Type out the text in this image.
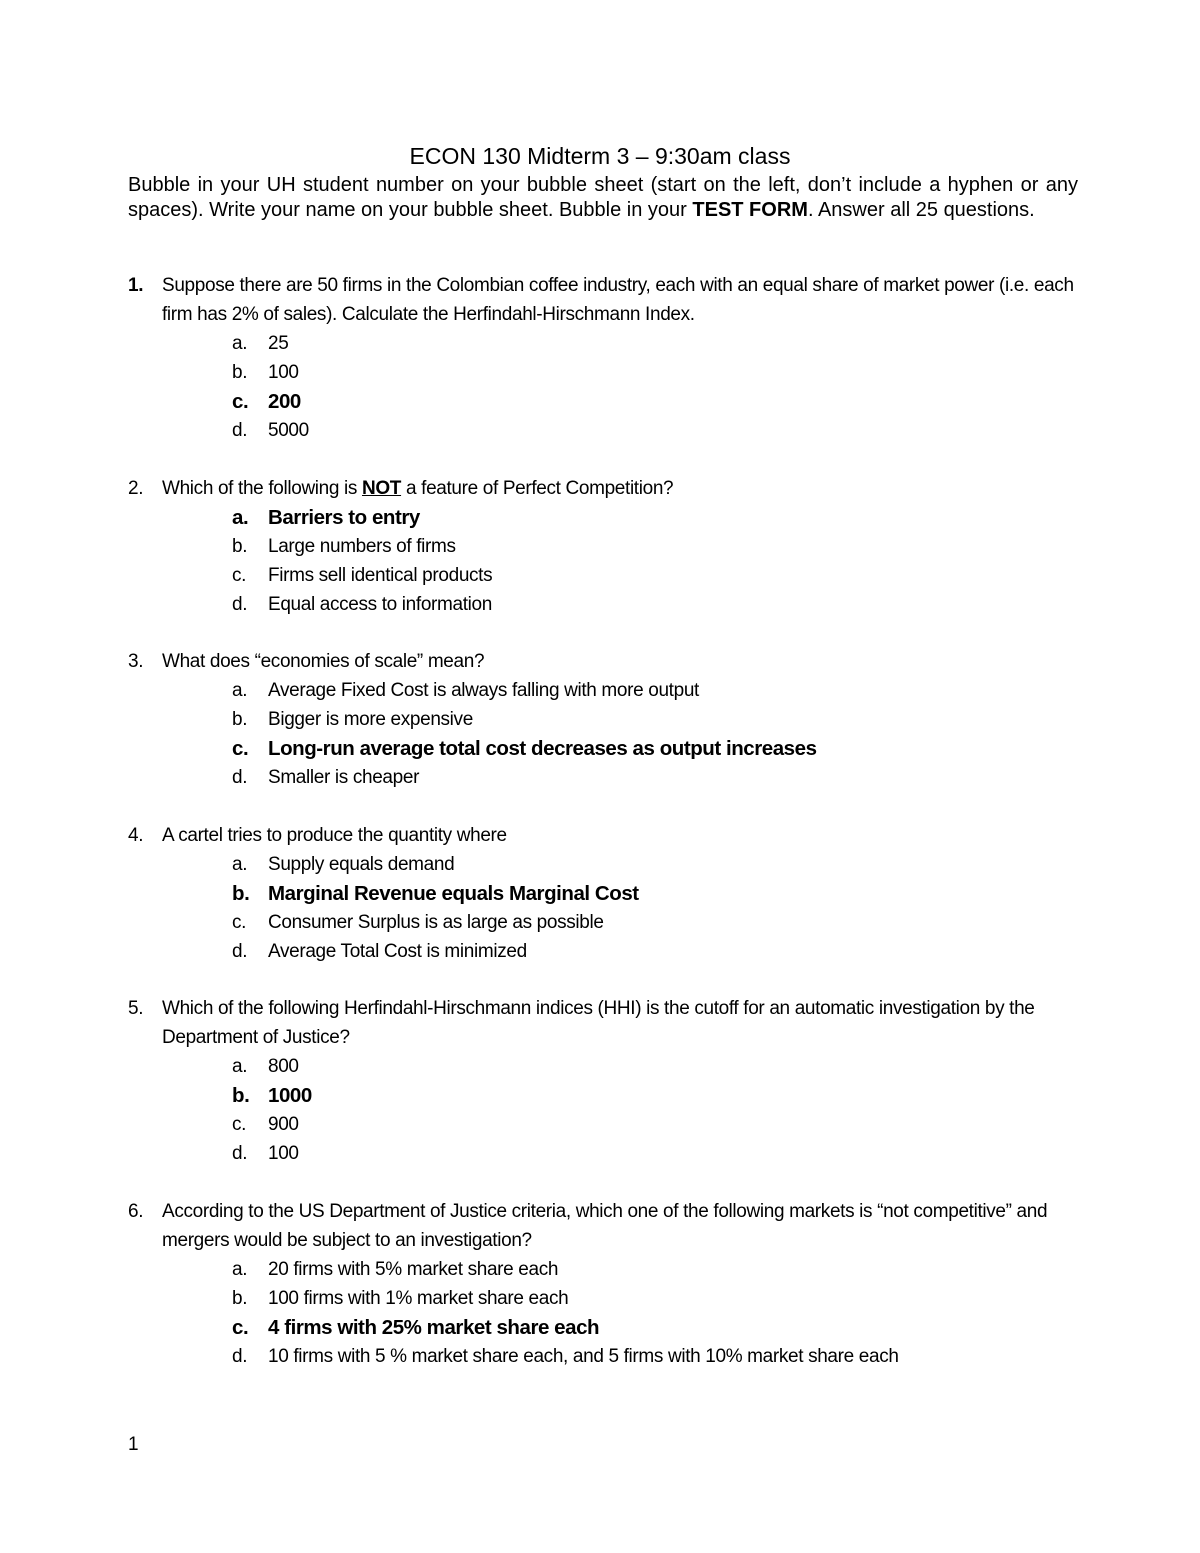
ECON 130 Midterm 3 – 9:30am class
Bubble in your UH student number on your bubble sheet (start on the left, don’t include a hyphen or any spaces). Write your name on your bubble sheet. Bubble in your TEST FORM. Answer all 25 questions.
1. Suppose there are 50 firms in the Colombian coffee industry, each with an equal share of market power (i.e. each firm has 2% of sales). Calculate the Herfindahl-Hirschmann Index.
a. 25
b. 100
c. 200
d. 5000
2. Which of the following is NOT a feature of Perfect Competition?
a. Barriers to entry
b. Large numbers of firms
c. Firms sell identical products
d. Equal access to information
3. What does “economies of scale” mean?
a. Average Fixed Cost is always falling with more output
b. Bigger is more expensive
c. Long-run average total cost decreases as output increases
d. Smaller is cheaper
4. A cartel tries to produce the quantity where
a. Supply equals demand
b. Marginal Revenue equals Marginal Cost
c. Consumer Surplus is as large as possible
d. Average Total Cost is minimized
5. Which of the following Herfindahl-Hirschmann indices (HHI) is the cutoff for an automatic investigation by the Department of Justice?
a. 800
b. 1000
c. 900
d. 100
6. According to the US Department of Justice criteria, which one of the following markets is “not competitive” and mergers would be subject to an investigation?
a. 20 firms with 5% market share each
b. 100 firms with 1% market share each
c. 4 firms with 25% market share each
d. 10 firms with 5 % market share each, and 5 firms with 10% market share each
1
